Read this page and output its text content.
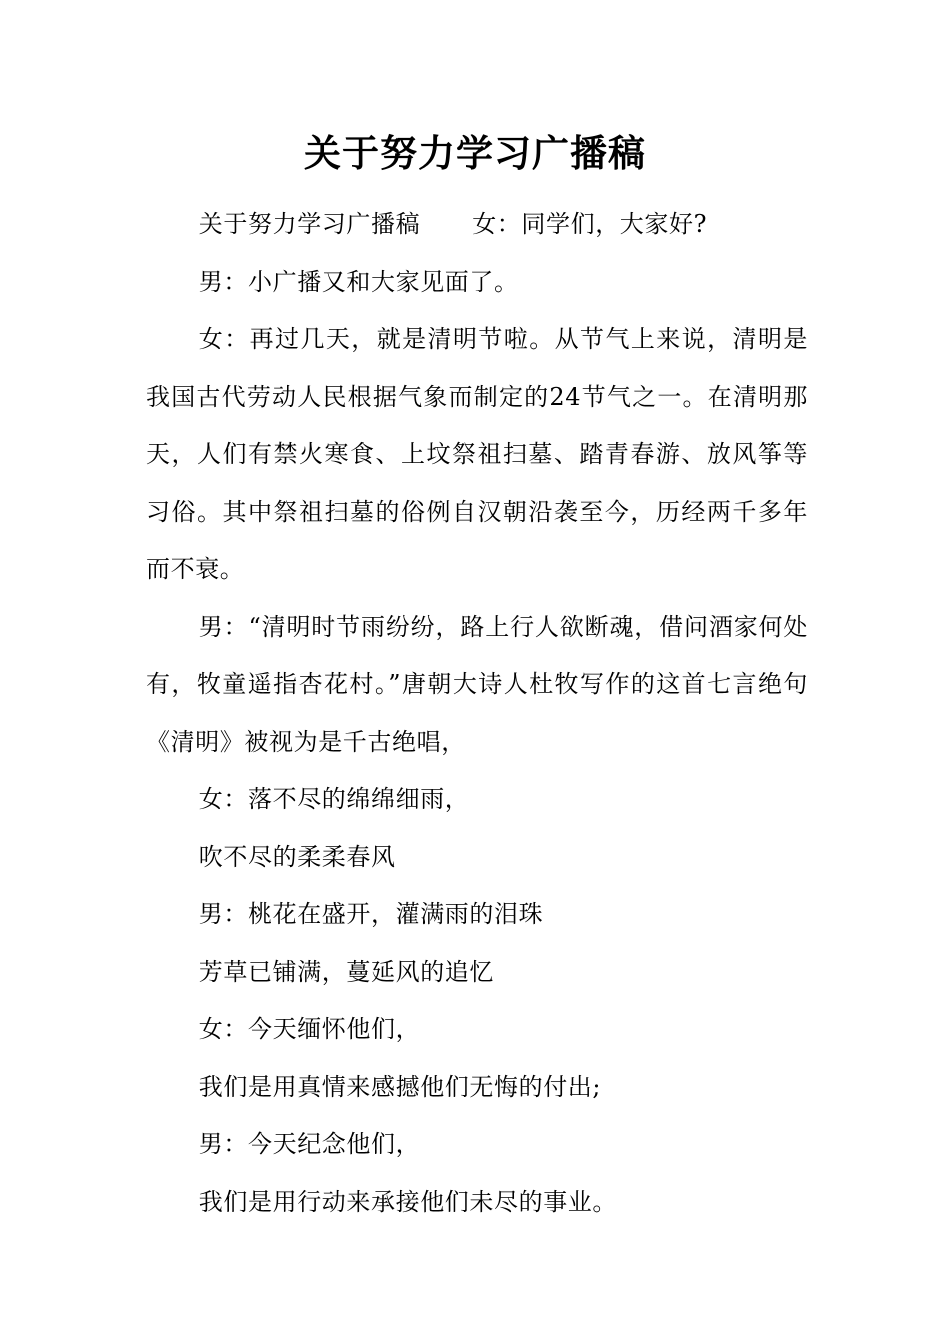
关于努力学习广播稿

关于努力学习广播稿 女：同学们，大家好?

男：小广播又和大家见面了。

女：再过几天，就是清明节啦。从节气上来说，清明是我国古代劳动人民根据气象而制定的24节气之一。在清明那天，人们有禁火寒食、上坟祭祖扫墓、踏青春游、放风筝等习俗。其中祭祖扫墓的俗例自汉朝沿袭至今，历经两千多年而不衰。

男：“清明时节雨纷纷，路上行人欲断魂，借问酒家何处有，牧童遥指杏花村。”唐朝大诗人杜牧写作的这首七言绝句《清明》被视为是千古绝唱，

女：落不尽的绵绵细雨，

吹不尽的柔柔春风

男：桃花在盛开，灌满雨的泪珠

芳草已铺满，蔓延风的追忆

女：今天缅怀他们，

我们是用真情来感撼他们无悔的付出;

男：今天纪念他们，

我们是用行动来承接他们未尽的事业。
